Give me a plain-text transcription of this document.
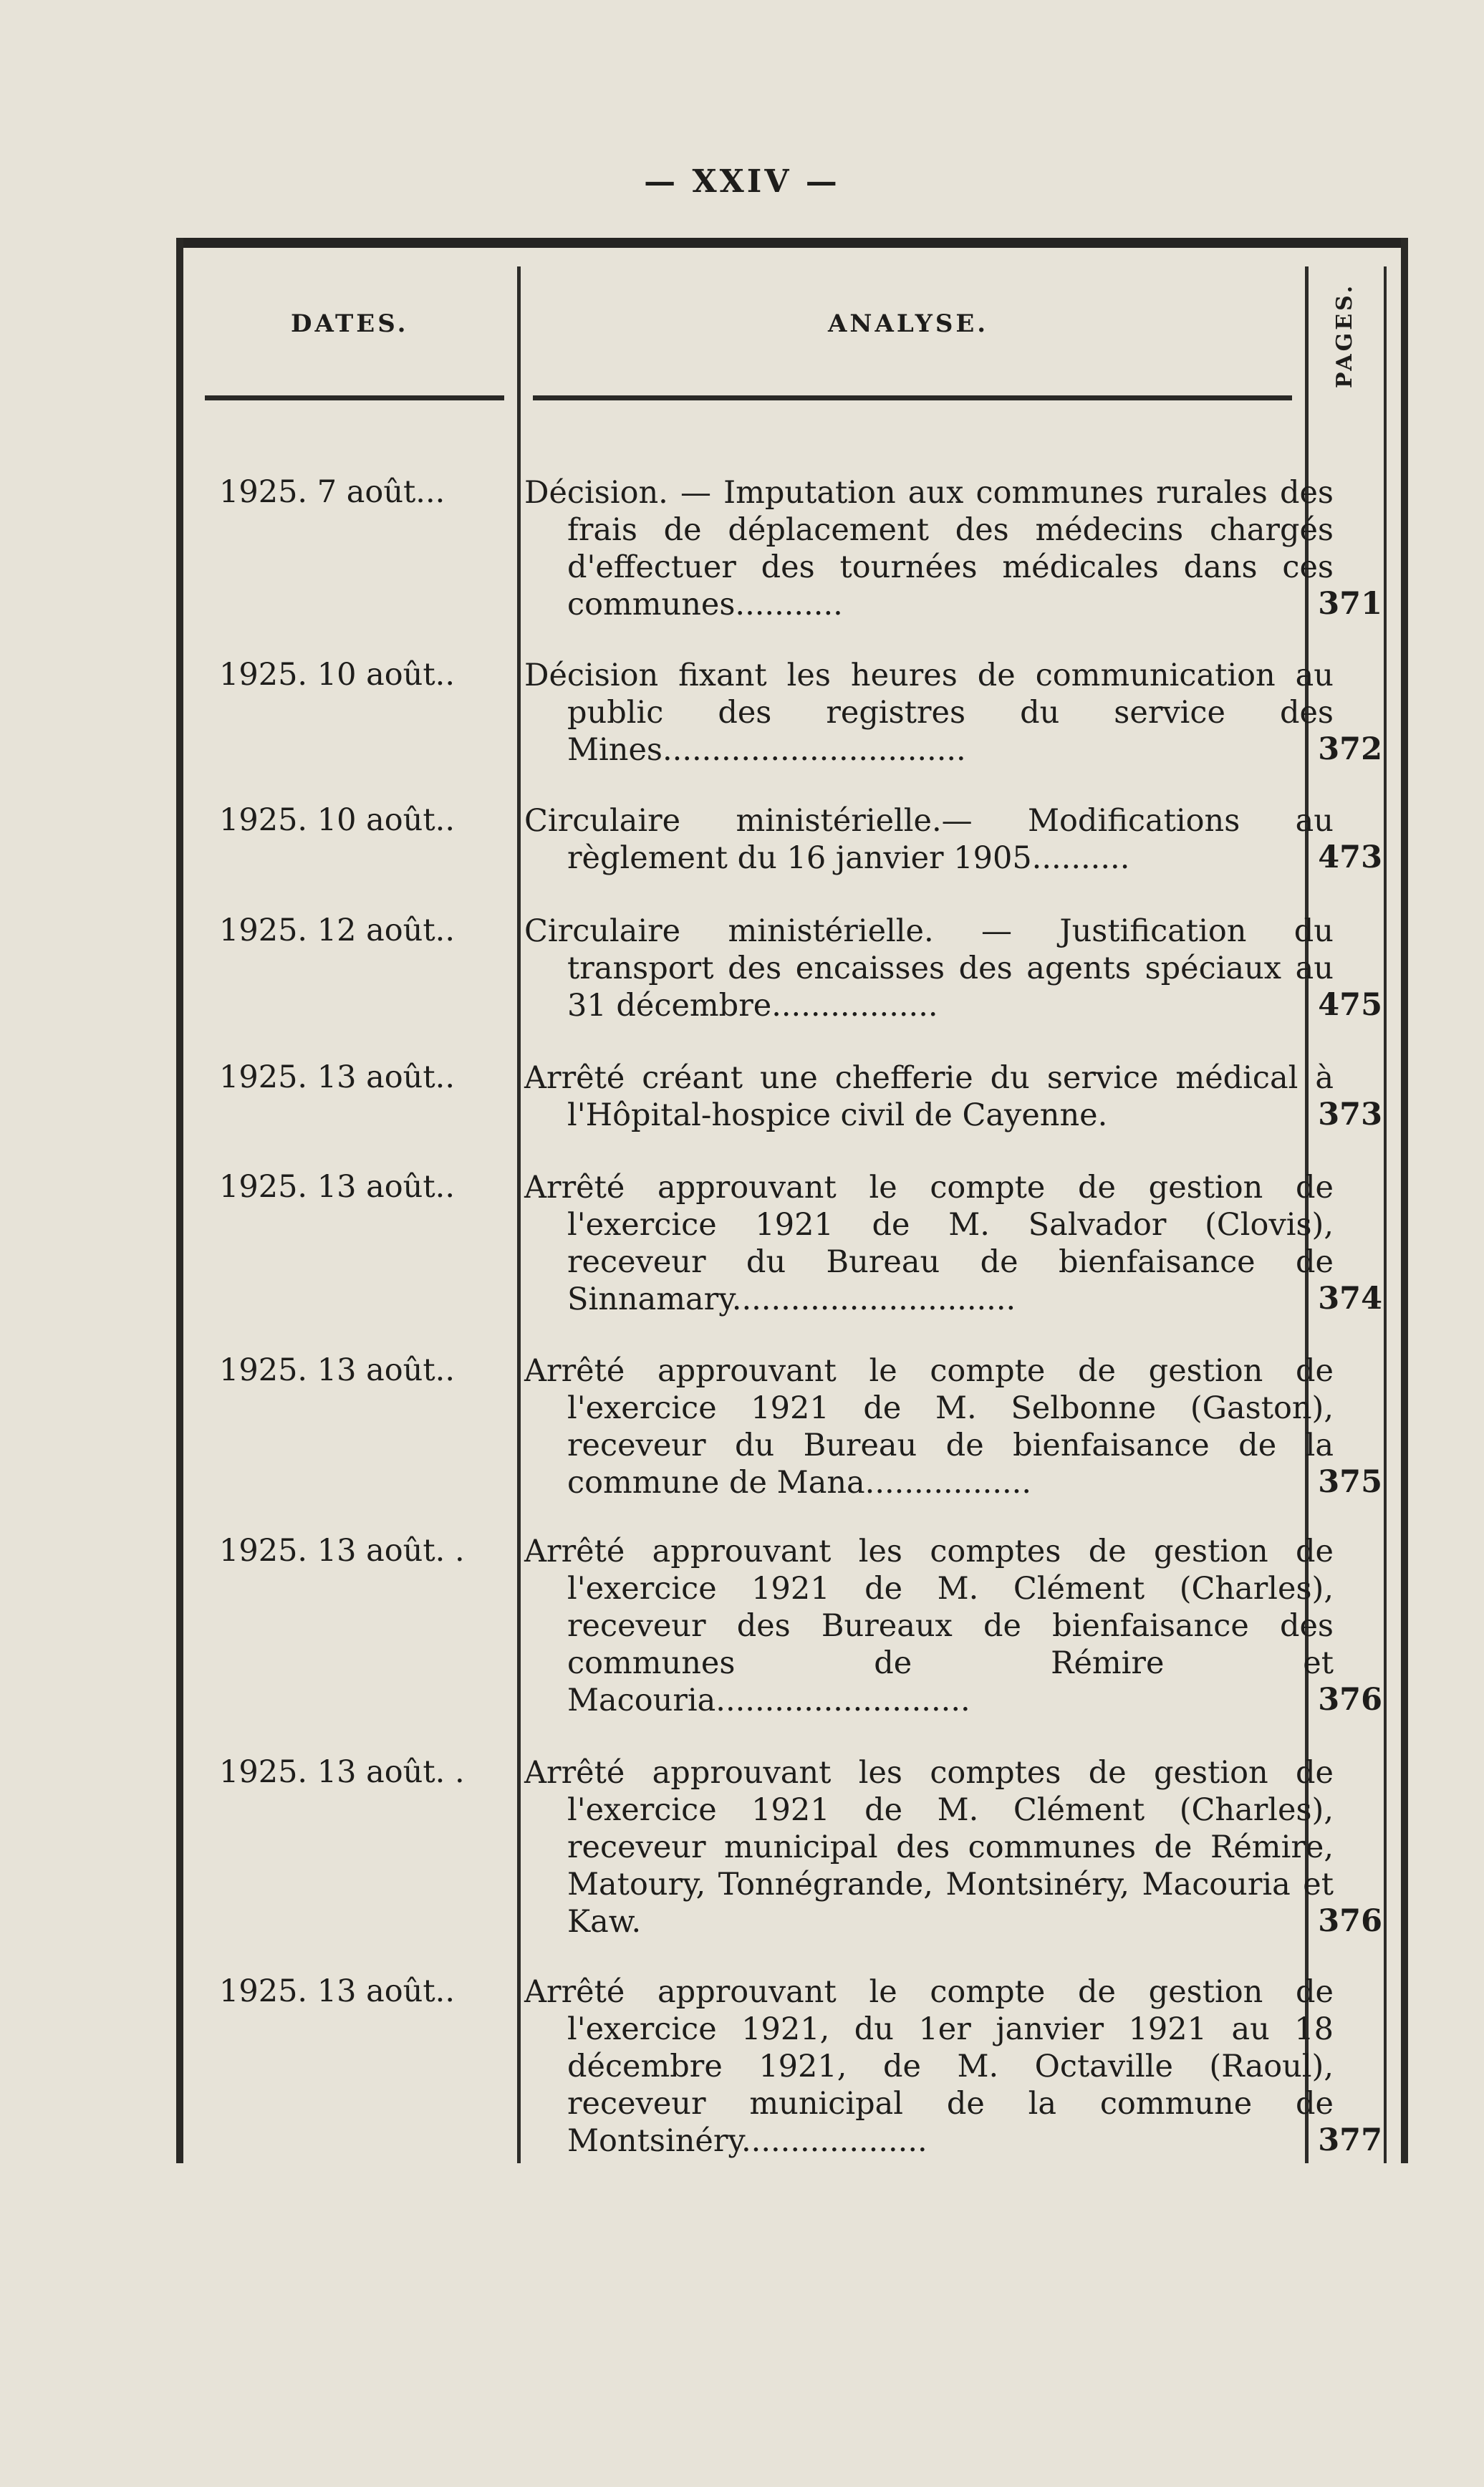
— XXIV —
DATES.	ANALYSE.	PAGES.
1925. 7 août...	Décision. — Imputation aux communes rurales des frais de déplacement des médecins chargés d'effectuer des tournées médicales dans ces communes...........	371
1925. 10 août..	Décision fixant les heures de communication au public des registres du service des Mines...............................	372
1925. 10 août..	Circulaire ministérielle.— Modifications au règlement du 16 janvier 1905..........	473
1925. 12 août..	Circulaire ministérielle. — Justification du transport des encaisses des agents spéciaux au 31 décembre.................	475
1925. 13 août..	Arrêté créant une chefferie du service médical à l'Hôpital-hospice civil de Cayenne.	373
1925. 13 août..	Arrêté approuvant le compte de gestion de l'exercice 1921 de M. Salvador (Clovis), receveur du Bureau de bienfaisance de Sinnamary.............................	374
1925. 13 août..	Arrêté approuvant le compte de gestion de l'exercice 1921 de M. Selbonne (Gaston), receveur du Bureau de bienfaisance de la commune de Mana.................	375
1925. 13 août. .	Arrêté approuvant les comptes de gestion de l'exercice 1921 de M. Clément (Charles), receveur des Bureaux de bienfaisance des communes de Rémire et Macouria..........................	376
1925. 13 août. .	Arrêté approuvant les comptes de gestion de l'exercice 1921 de M. Clément (Charles), receveur municipal des communes de Rémire, Matoury, Tonnégrande, Montsinéry, Macouria et Kaw.	376
1925. 13 août..	Arrêté approuvant le compte de gestion de l'exercice 1921, du 1er janvier 1921 au 18 décembre 1921, de M. Octaville (Raoul), receveur municipal de la commune de Montsinéry...................	377
